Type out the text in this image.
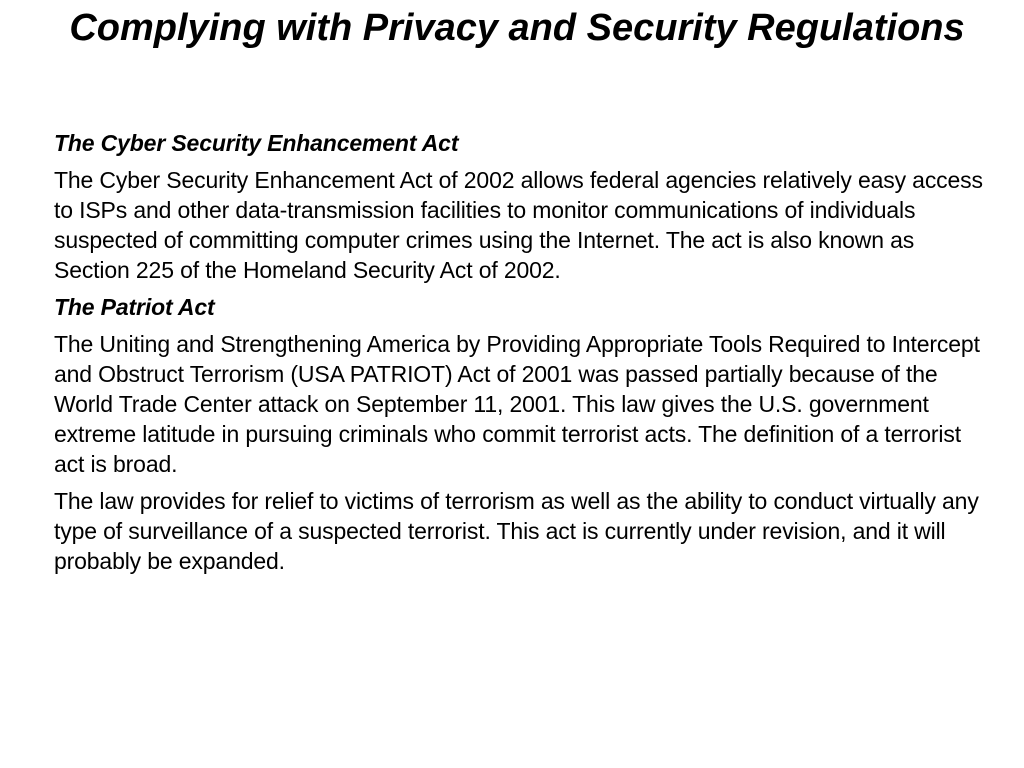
Complying with Privacy and Security Regulations

The Cyber Security Enhancement Act

The Cyber Security Enhancement Act of 2002 allows federal agencies relatively easy access to ISPs and other data-transmission facilities to monitor communications of individuals suspected of committing computer crimes using the Internet. The act is also known as Section 225 of the Homeland Security Act of 2002.

The Patriot Act

The Uniting and Strengthening America by Providing Appropriate Tools Required to Intercept and Obstruct Terrorism (USA PATRIOT) Act of 2001 was passed partially because of the World Trade Center attack on September 11, 2001. This law gives the U.S. government extreme latitude in pursuing criminals who commit terrorist acts. The definition of a terrorist act is broad.

The law provides for relief to victims of terrorism as well as the ability to conduct virtually any type of surveillance of a suspected terrorist. This act is currently under revision, and it will probably be expanded.
